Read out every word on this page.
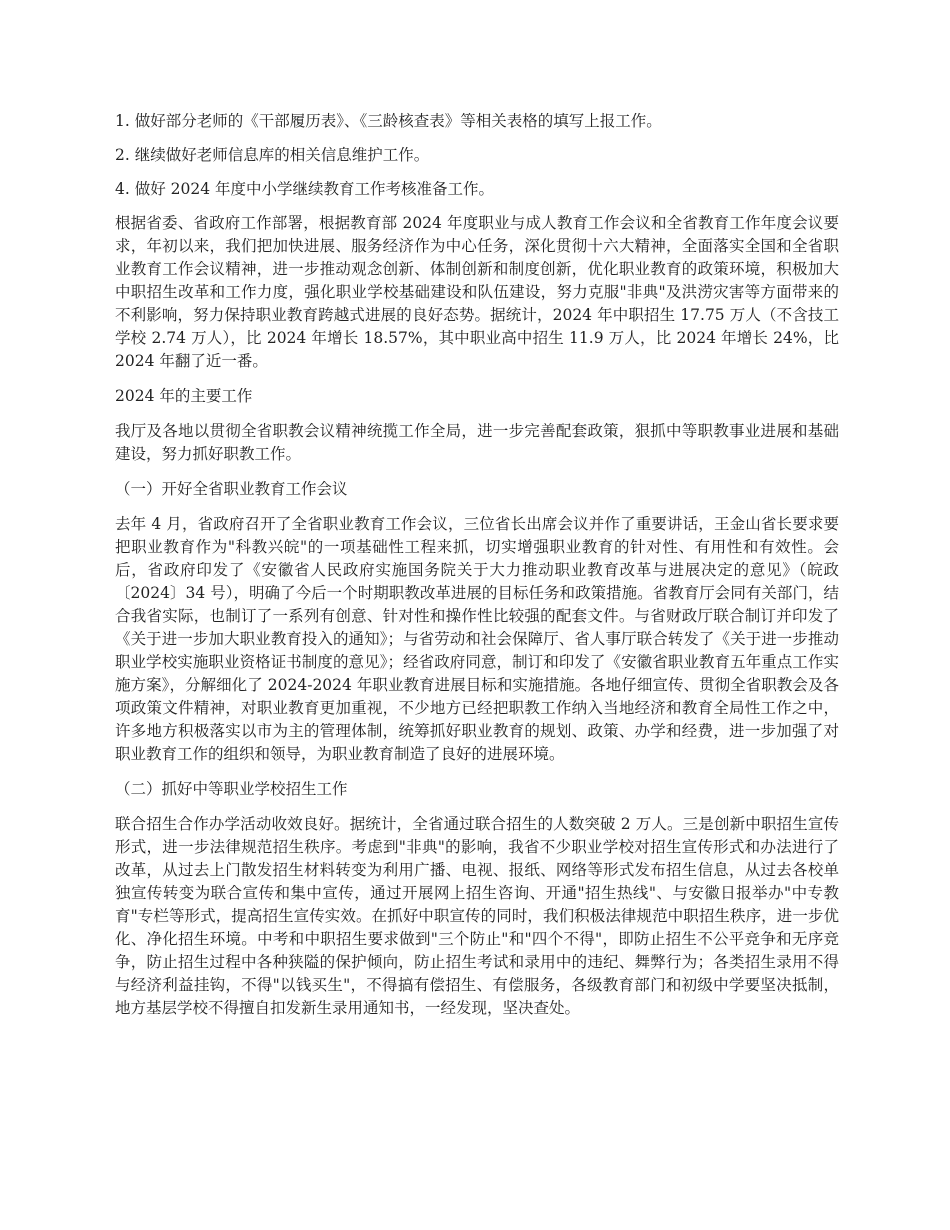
1. 做好部分老师的《干部履历表》、《三龄核查表》等相关表格的填写上报工作。

2. 继续做好老师信息库的相关信息维护工作。

4. 做好 2024 年度中小学继续教育工作考核准备工作。

根据省委、省政府工作部署，根据教育部 2024 年度职业与成人教育工作会议和全省教育工作年度会议要求，年初以来，我们把加快进展、服务经济作为中心任务，深化贯彻十六大精神，全面落实全国和全省职业教育工作会议精神，进一步推动观念创新、体制创新和制度创新，优化职业教育的政策环境，积极加大中职招生改革和工作力度，强化职业学校基础建设和队伍建设，努力克服"非典"及洪涝灾害等方面带来的不利影响，努力保持职业教育跨越式进展的良好态势。据统计，2024 年中职招生 17.75 万人（不含技工学校 2.74 万人），比 2024 年增长 18.57%，其中职业高中招生 11.9 万人，比 2024 年增长 24%，比 2024 年翻了近一番。

2024 年的主要工作

我厅及各地以贯彻全省职教会议精神统揽工作全局，进一步完善配套政策，狠抓中等职教事业进展和基础建设，努力抓好职教工作。

（一）开好全省职业教育工作会议

去年 4 月，省政府召开了全省职业教育工作会议，三位省长出席会议并作了重要讲话，王金山省长要求要把职业教育作为"科教兴皖"的一项基础性工程来抓，切实增强职业教育的针对性、有用性和有效性。会后，省政府印发了《安徽省人民政府实施国务院关于大力推动职业教育改革与进展决定的意见》（皖政〔2024〕34 号），明确了今后一个时期职教改革进展的目标任务和政策措施。省教育厅会同有关部门，结合我省实际，也制订了一系列有创意、针对性和操作性比较强的配套文件。与省财政厅联合制订并印发了《关于进一步加大职业教育投入的通知》；与省劳动和社会保障厅、省人事厅联合转发了《关于进一步推动职业学校实施职业资格证书制度的意见》；经省政府同意，制订和印发了《安徽省职业教育五年重点工作实施方案》，分解细化了 2024-2024 年职业教育进展目标和实施措施。各地仔细宣传、贯彻全省职教会及各项政策文件精神，对职业教育更加重视，不少地方已经把职教工作纳入当地经济和教育全局性工作之中，许多地方积极落实以市为主的管理体制，统筹抓好职业教育的规划、政策、办学和经费，进一步加强了对职业教育工作的组织和领导，为职业教育制造了良好的进展环境。

（二）抓好中等职业学校招生工作

联合招生合作办学活动收效良好。据统计，全省通过联合招生的人数突破 2 万人。三是创新中职招生宣传形式，进一步法律规范招生秩序。考虑到"非典"的影响，我省不少职业学校对招生宣传形式和办法进行了改革，从过去上门散发招生材料转变为利用广播、电视、报纸、网络等形式发布招生信息，从过去各校单独宣传转变为联合宣传和集中宣传，通过开展网上招生咨询、开通"招生热线"、与安徽日报举办"中专教育"专栏等形式，提高招生宣传实效。在抓好中职宣传的同时，我们积极法律规范中职招生秩序，进一步优化、净化招生环境。中考和中职招生要求做到"三个防止"和"四个不得"，即防止招生不公平竞争和无序竞争，防止招生过程中各种狭隘的保护倾向，防止招生考试和录用中的违纪、舞弊行为；各类招生录用不得与经济利益挂钩，不得"以钱买生"，不得搞有偿招生、有偿服务，各级教育部门和初级中学要坚决抵制，地方基层学校不得擅自扣发新生录用通知书，一经发现，坚决查处。
